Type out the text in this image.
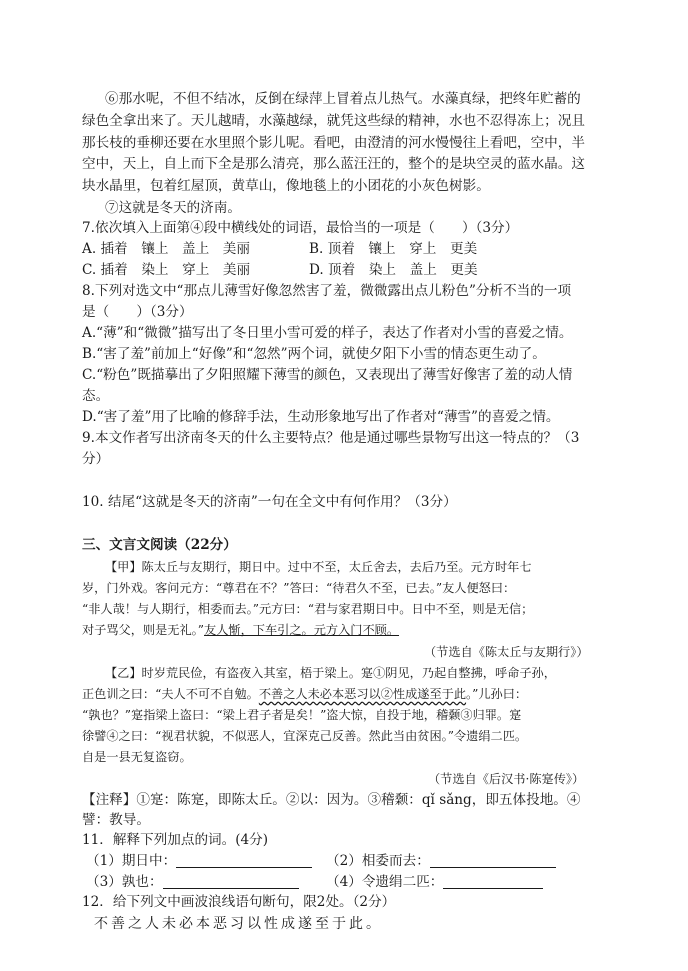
⑥那水呢，不但不结冰，反倒在绿萍上冒着点儿热气。水藻真绿，把终年贮蓄的
绿色全拿出来了。天儿越晴，水藻越绿，就凭这些绿的精神，水也不忍得冻上；况且
那长枝的垂柳还要在水里照个影儿呢。看吧，由澄清的河水慢慢往上看吧，空中，半
空中，天上，自上而下全是那么清亮，那么蓝汪汪的，整个的是块空灵的蓝水晶。这
块水晶里，包着红屋顶，黄草山，像地毯上的小团花的小灰色树影。
⑦这就是冬天的济南。
7.依次填入上面第④段中横线处的词语，最恰当的一项是（　　）（3分）
A. 插着　镶上　盖上　美丽	B. 顶着　镶上　穿上　更美
C. 插着　染上　穿上　美丽	D. 顶着　染上　盖上　更美
8.下列对选文中“那点儿薄雪好像忽然害了羞，微微露出点儿粉色”分析不当的一项
是（　　）（3分）
A.“薄”和“微微”描写出了冬日里小雪可爱的样子，表达了作者对小雪的喜爱之情。
B.“害了羞”前加上“好像”和“忽然”两个词，就使夕阳下小雪的情态更生动了。
C.“粉色”既描摹出了夕阳照耀下薄雪的颜色，又表现出了薄雪好像害了羞的动人情
态。
D.“害了羞”用了比喻的修辞手法，生动形象地写出了作者对“薄雪”的喜爱之情。
9.本文作者写出济南冬天的什么主要特点？他是通过哪些景物写出这一特点的？（3
分）
10. 结尾“这就是冬天的济南”一句在全文中有何作用？（3分）
三、文言文阅读（22分）
【甲】陈太丘与友期行，期日中。过中不至，太丘舍去，去后乃至。元方时年七
岁，门外戏。客问元方：“尊君在不？”答曰：“待君久不至，已去。”友人便怒曰：
“非人哉！与人期行，相委而去。”元方曰：“君与家君期日中。日中不至，则是无信；
对子骂父，则是无礼。”友人惭，下车引之。元方入门不顾。
（节选自《陈太丘与友期行》）
【乙】时岁荒民俭，有盗夜入其室，梧于梁上。寔①阴见，乃起自整拂，呼命子孙，
正色训之曰：“夫人不可不自勉。不善之人未必本恶习以②性成遂至于此。”儿孙曰：
“孰也？”寔指梁上盗曰：“梁上君子者是矣！”盗大惊，自投于地，稽颡③归罪。寔
徐譬④之曰：“视君状貌，不似恶人，宜深克己反善。然此当由贫困。”令遗绢二匹。
自是一县无复盗窃。
（节选自《后汉书·陈寔传》）
【注释】①寔：陈寔，即陈太丘。②以：因为。③稽颡：qǐ sǎng，即五体投地。④
譬：教导。
11．解释下列加点的词。(4分)
（1）期日中：	（2）相委而去：
（3）孰也：	（4）令遗绢二匹：
12．给下列文中画波浪线语句断句，限2处。（2分）
不善之人未必本恶习以性成遂至于此。
